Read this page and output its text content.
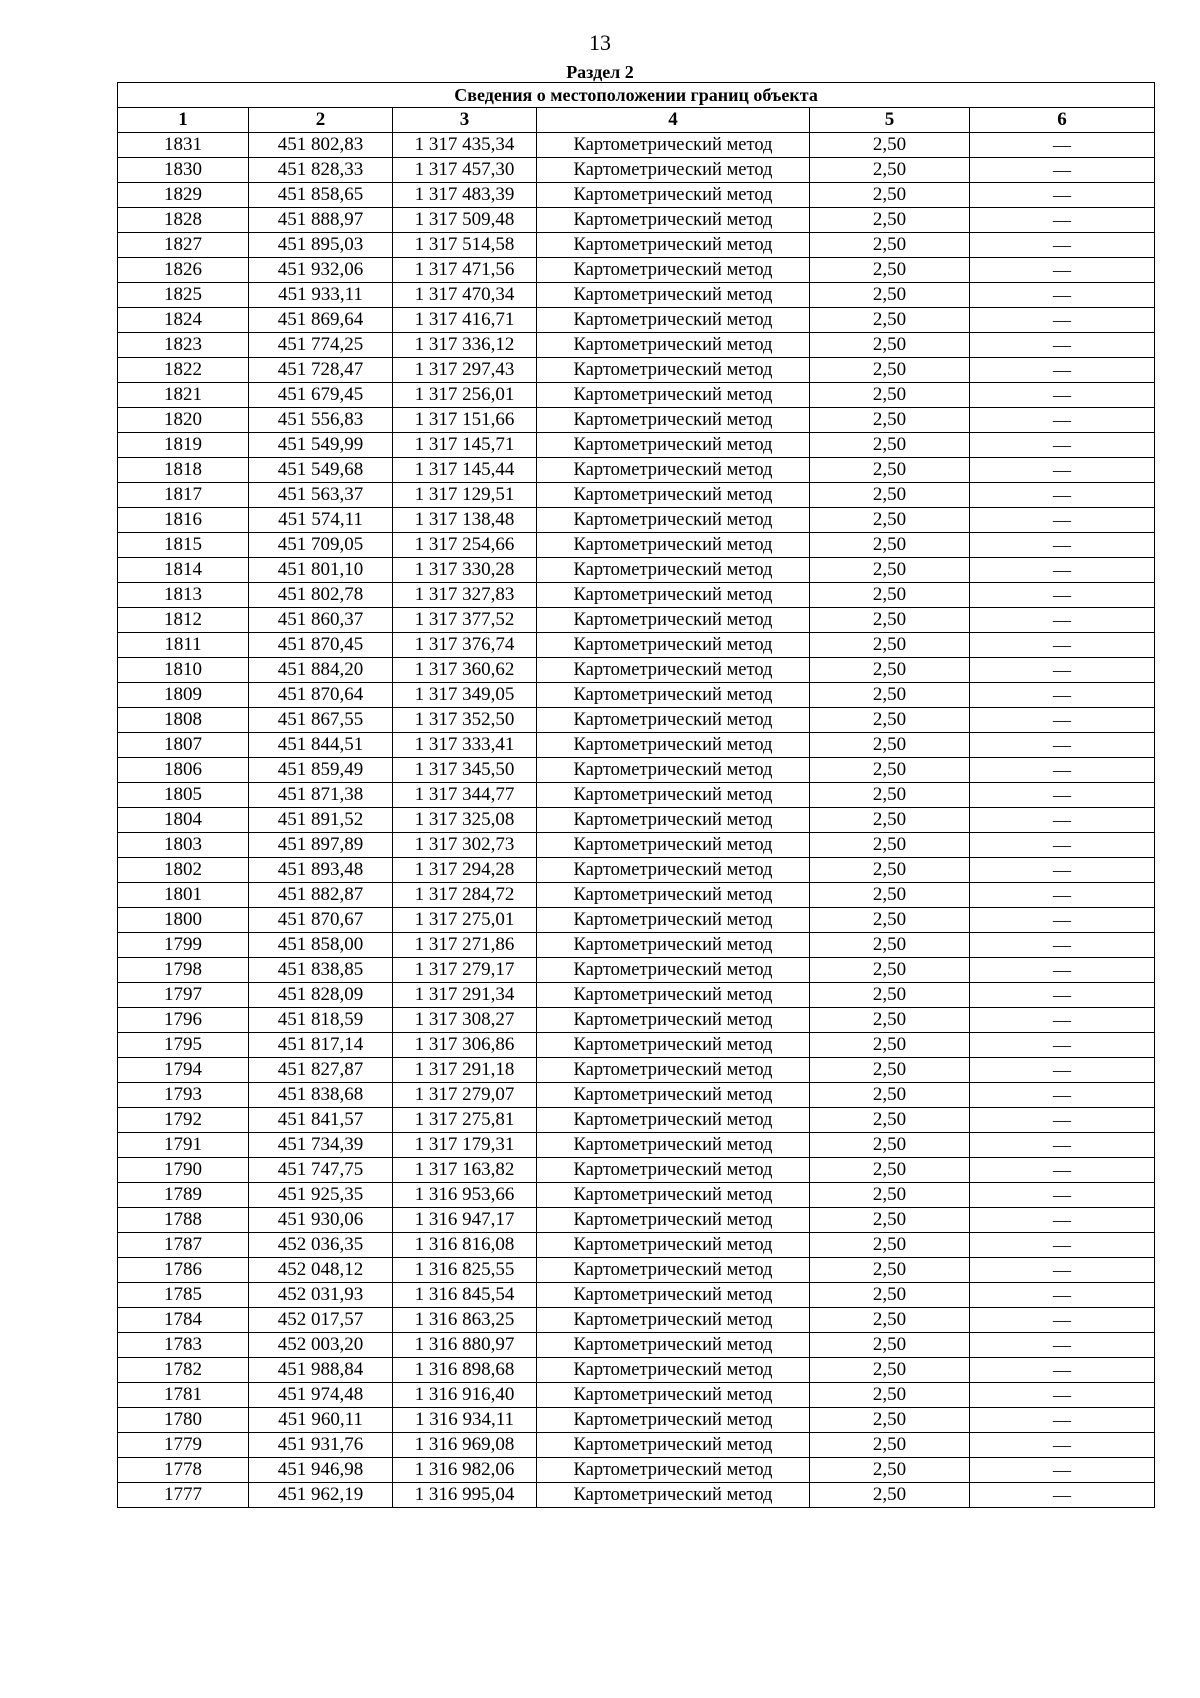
13
Раздел 2
Сведения о местоположении границ объекта					
1	2	3	4	5	6
1831	451 802,83	1 317 435,34	Картометрический метод	2,50	—
1830	451 828,33	1 317 457,30	Картометрический метод	2,50	—
1829	451 858,65	1 317 483,39	Картометрический метод	2,50	—
1828	451 888,97	1 317 509,48	Картометрический метод	2,50	—
1827	451 895,03	1 317 514,58	Картометрический метод	2,50	—
1826	451 932,06	1 317 471,56	Картометрический метод	2,50	—
1825	451 933,11	1 317 470,34	Картометрический метод	2,50	—
1824	451 869,64	1 317 416,71	Картометрический метод	2,50	—
1823	451 774,25	1 317 336,12	Картометрический метод	2,50	—
1822	451 728,47	1 317 297,43	Картометрический метод	2,50	—
1821	451 679,45	1 317 256,01	Картометрический метод	2,50	—
1820	451 556,83	1 317 151,66	Картометрический метод	2,50	—
1819	451 549,99	1 317 145,71	Картометрический метод	2,50	—
1818	451 549,68	1 317 145,44	Картометрический метод	2,50	—
1817	451 563,37	1 317 129,51	Картометрический метод	2,50	—
1816	451 574,11	1 317 138,48	Картометрический метод	2,50	—
1815	451 709,05	1 317 254,66	Картометрический метод	2,50	—
1814	451 801,10	1 317 330,28	Картометрический метод	2,50	—
1813	451 802,78	1 317 327,83	Картометрический метод	2,50	—
1812	451 860,37	1 317 377,52	Картометрический метод	2,50	—
1811	451 870,45	1 317 376,74	Картометрический метод	2,50	—
1810	451 884,20	1 317 360,62	Картометрический метод	2,50	—
1809	451 870,64	1 317 349,05	Картометрический метод	2,50	—
1808	451 867,55	1 317 352,50	Картометрический метод	2,50	—
1807	451 844,51	1 317 333,41	Картометрический метод	2,50	—
1806	451 859,49	1 317 345,50	Картометрический метод	2,50	—
1805	451 871,38	1 317 344,77	Картометрический метод	2,50	—
1804	451 891,52	1 317 325,08	Картометрический метод	2,50	—
1803	451 897,89	1 317 302,73	Картометрический метод	2,50	—
1802	451 893,48	1 317 294,28	Картометрический метод	2,50	—
1801	451 882,87	1 317 284,72	Картометрический метод	2,50	—
1800	451 870,67	1 317 275,01	Картометрический метод	2,50	—
1799	451 858,00	1 317 271,86	Картометрический метод	2,50	—
1798	451 838,85	1 317 279,17	Картометрический метод	2,50	—
1797	451 828,09	1 317 291,34	Картометрический метод	2,50	—
1796	451 818,59	1 317 308,27	Картометрический метод	2,50	—
1795	451 817,14	1 317 306,86	Картометрический метод	2,50	—
1794	451 827,87	1 317 291,18	Картометрический метод	2,50	—
1793	451 838,68	1 317 279,07	Картометрический метод	2,50	—
1792	451 841,57	1 317 275,81	Картометрический метод	2,50	—
1791	451 734,39	1 317 179,31	Картометрический метод	2,50	—
1790	451 747,75	1 317 163,82	Картометрический метод	2,50	—
1789	451 925,35	1 316 953,66	Картометрический метод	2,50	—
1788	451 930,06	1 316 947,17	Картометрический метод	2,50	—
1787	452 036,35	1 316 816,08	Картометрический метод	2,50	—
1786	452 048,12	1 316 825,55	Картометрический метод	2,50	—
1785	452 031,93	1 316 845,54	Картометрический метод	2,50	—
1784	452 017,57	1 316 863,25	Картометрический метод	2,50	—
1783	452 003,20	1 316 880,97	Картометрический метод	2,50	—
1782	451 988,84	1 316 898,68	Картометрический метод	2,50	—
1781	451 974,48	1 316 916,40	Картометрический метод	2,50	—
1780	451 960,11	1 316 934,11	Картометрический метод	2,50	—
1779	451 931,76	1 316 969,08	Картометрический метод	2,50	—
1778	451 946,98	1 316 982,06	Картометрический метод	2,50	—
1777	451 962,19	1 316 995,04	Картометрический метод	2,50	—
